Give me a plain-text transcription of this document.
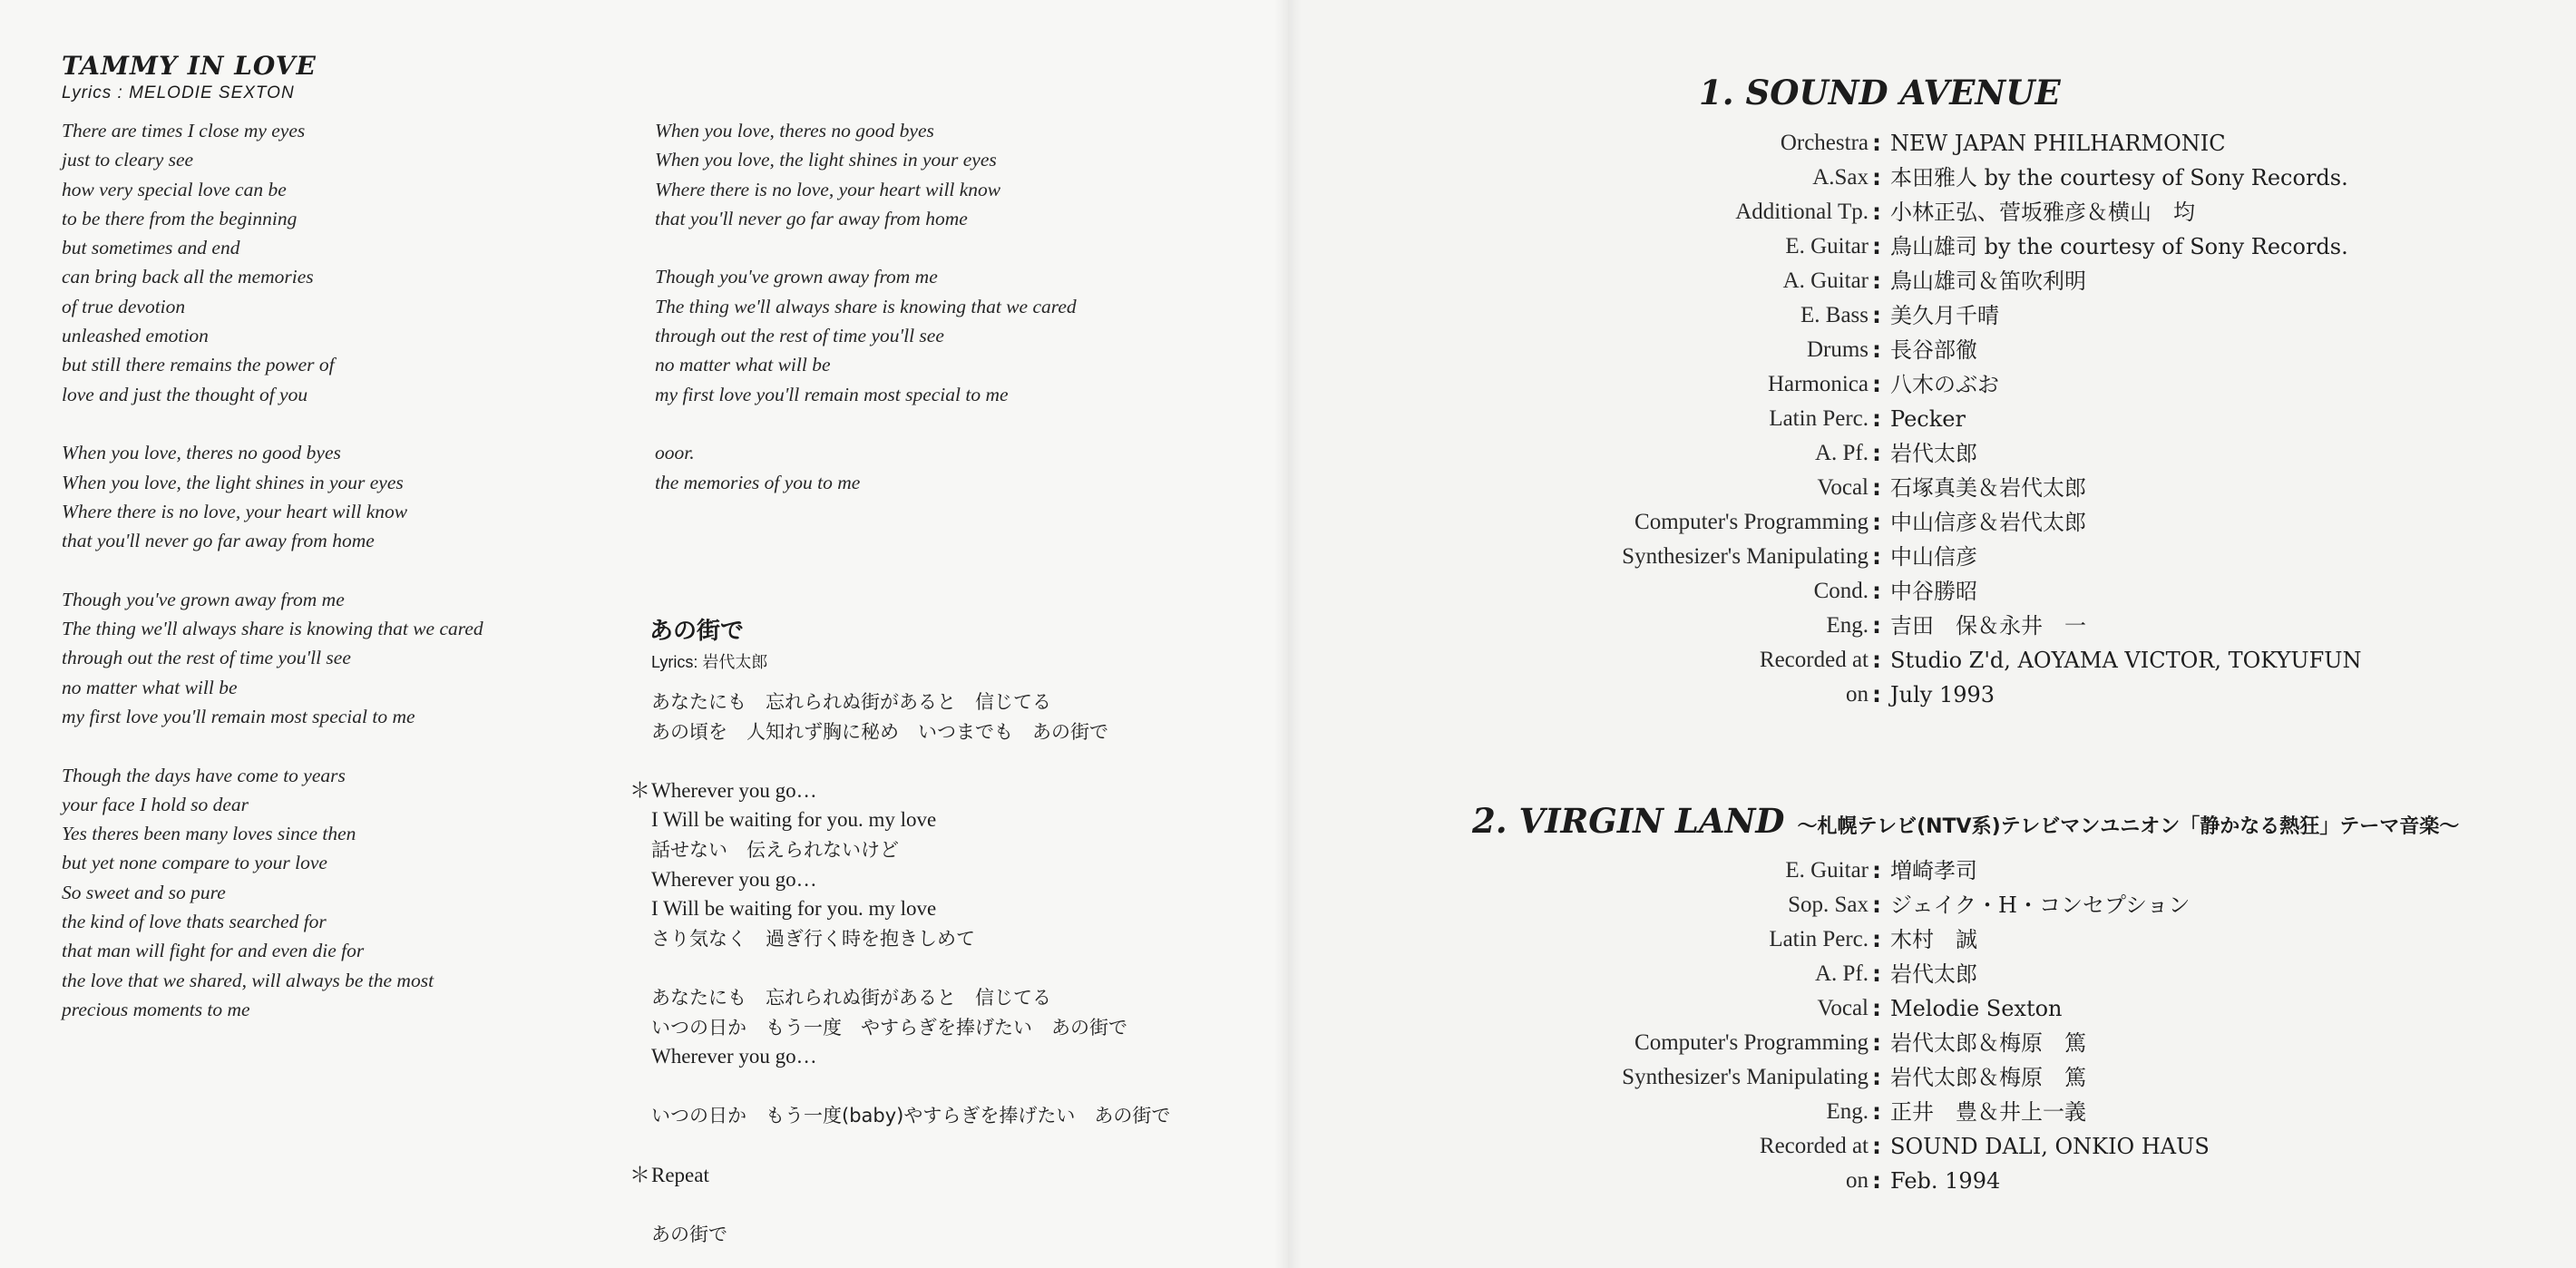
TAMMY IN LOVE
Lyrics : MELODIE SEXTON
There are times I close my eyes
just to cleary see
how very special love can be
to be there from the beginning
but sometimes and end
can bring back all the memories
of true devotion
unleashed emotion
but still there remains the power of
love and just the thought of you
When you love, theres no good byes
When you love, the light shines in your eyes
Where there is no love, your heart will know
that you'll never go far away from home
Though you've grown away from me
The thing we'll always share is knowing that we cared
through out the rest of time you'll see
no matter what will be
my first love you'll remain most special to me
Though the days have come to years
your face I hold so dear
Yes theres been many loves since then
but yet none compare to your love
So sweet and so pure
the kind of love thats searched for
that man will fight for and even die for
the love that we shared, will always be the most
precious moments to me
When you love, theres no good byes
When you love, the light shines in your eyes
Where there is no love, your heart will know
that you'll never go far away from home
Though you've grown away from me
The thing we'll always share is knowing that we cared
through out the rest of time you'll see
no matter what will be
my first love you'll remain most special to me
ooor.
the memories of you to me
あの街で
Lyrics: 岩代太郎
あなたにも　忘れられぬ街があると　信じてる
あの頃を　人知れず胸に秘め　いつまでも　あの街で
＊ Wherever you go…
I Will be waiting for you. my love
話せない　伝えられないけど
Wherever you go…
I Will be waiting for you. my love
さり気なく　過ぎ行く時を抱きしめて
あなたにも　忘れられぬ街があると　信じてる
いつの日か　もう一度　やすらぎを捧げたい　あの街で
Wherever you go…
いつの日か　もう一度(baby)やすらぎを捧げたい　あの街で
＊ Repeat
あの街で
1. SOUND AVENUE
Orchestra : NEW JAPAN PHILHARMONIC
A.Sax : 本田雅人 by the courtesy of Sony Records.
Additional Tp. : 小林正弘、菅坂雅彦＆横山　均
E. Guitar : 鳥山雄司 by the courtesy of Sony Records.
A. Guitar : 鳥山雄司＆笛吹利明
E. Bass : 美久月千晴
Drums : 長谷部徹
Harmonica : 八木のぶお
Latin Perc. : Pecker
A. Pf. : 岩代太郎
Vocal : 石塚真美＆岩代太郎
Computer's Programming : 中山信彦＆岩代太郎
Synthesizer's Manipulating : 中山信彦
Cond. : 中谷勝昭
Eng. : 吉田　保＆永井　一
Recorded at : Studio Z'd, AOYAMA VICTOR, TOKYUFUN
on : July 1993
2. VIRGIN LAND ～札幌テレビ(NTV系)テレビマンユニオン「静かなる熱狂」テーマ音楽～
E. Guitar : 増崎孝司
Sop. Sax : ジェイク・H・コンセプション
Latin Perc. : 木村　誠
A. Pf. : 岩代太郎
Vocal : Melodie Sexton
Computer's Programming : 岩代太郎＆梅原　篤
Synthesizer's Manipulating : 岩代太郎＆梅原　篤
Eng. : 正井　豊＆井上一義
Recorded at : SOUND DALI, ONKIO HAUS
on : Feb. 1994
